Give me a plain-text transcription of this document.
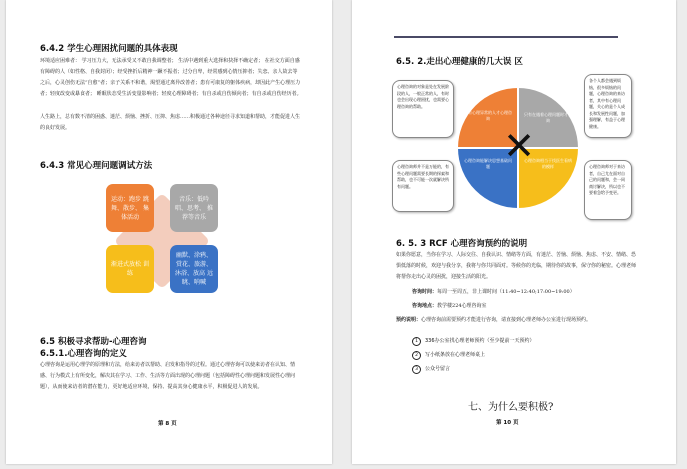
6.4.2 学生心理困扰问题的具体表现
环境适应困难者： 学习压力大，无法承受又不敢自我调整者； 生活中遇到重大选择和抉择不确定者； 在社交方面自感有障碍的人（如性格、自我封闭）；经受挫折后精神一蹶不振者；过分自卑，经常感到心情压抑者；失恋、亲人故去等之后，心灵创伤无法“自愈”者；亲子关系不和谐，渴望通过离异改善者；患有可康复的躯体疾病，却因此产生心理压力者；轻度改变或暴食者； 睡眠状态受生活变量影响者；轻度心理障碍者；有自杀或自伤倾向者；有自杀或自伤经历者。
人生路上，总有数不清的困惑、迷茫、烦恼、挫折、压抑、焦虑……积极通过各种途径寻求知道和帮助，才能促进人生的良好发展。
6.4.3 常见心理问题调试方法
运动：跑步 跳舞、散步、 集体活动
音乐：低吟 唱、思考、 推荐等音乐
渐进式放松 训练
幽默、涂鸦、 赏花、旅游、 沐浴、放高 远眺、呐喊
6.5 积极寻求帮助-心理咨询
6.5.1.心理咨询的定义
心理咨询是运用心理学的原理和方法，给来访者以帮助、启发和指导的过程。通过心理咨询可以使来访者在认知、情感、行为模式上有所变化，解决其在学习、工作、生活等方面出现的心理问题（包括障碍性心理问题和发展性心理问题），从而使来访者的潜在能力，更好地适应环境，保持、提高其身心健康水平，积极促进人的发展。
第 8 页
6.5. 2.走出心理健康的几大误 区
只有心理异常的人才心理咨询
只有在遇着心理问题时才咨询
心理咨询能解决思想基础问题
心理咨询相当于找医生看病的模样
✕
心理咨询的对象是处在发展阶段的人，一般正常的人，有时也会出现心理困扰，也需要心理咨询的帮助。
各个人都会遇到烦恼，很多烦恼的问题，心理咨询的来访者，其中有心理问题，关心的是个人成长和发展性问题，加强理解，有益于心理健康。
心理咨询师并不是万能的，有些心理问题需要长期的探索和帮助，也不可能一次就解决所有问题。
心理咨询师对于来访者，自己尤在面对自己的问题和，会一同商讨解决，所以也不要着急给予变更。
6. 5. 3 RCF 心理咨询预约的说明
如果你愿意，当你在学习、人际交往、自我认识、情绪等方面，有迷茫、苦恼、烦恼、焦虑、不安、情绪、恐惧低落的时候，欢迎与我分享，我将与你共同面对。等候你的光临，期待你的故事，保守你的秘密。心理老师将帮你走出心灵的困扰，迎接生活的阳光。
咨询时间：每周一至周五，非上课时间（11:40~12:40;17:00~19:00）
咨询地点：教学楼224心理咨询室
预约说明：心理咨询前需要预约才能进行咨询，请直接到心理老师办公室进行现场预约。
1 336办公室找心理老师预约（至少提前一天预约）
2 写小纸条放在心理老师桌上
3 公众号留言
七、为什么要积极?
第 10 页
